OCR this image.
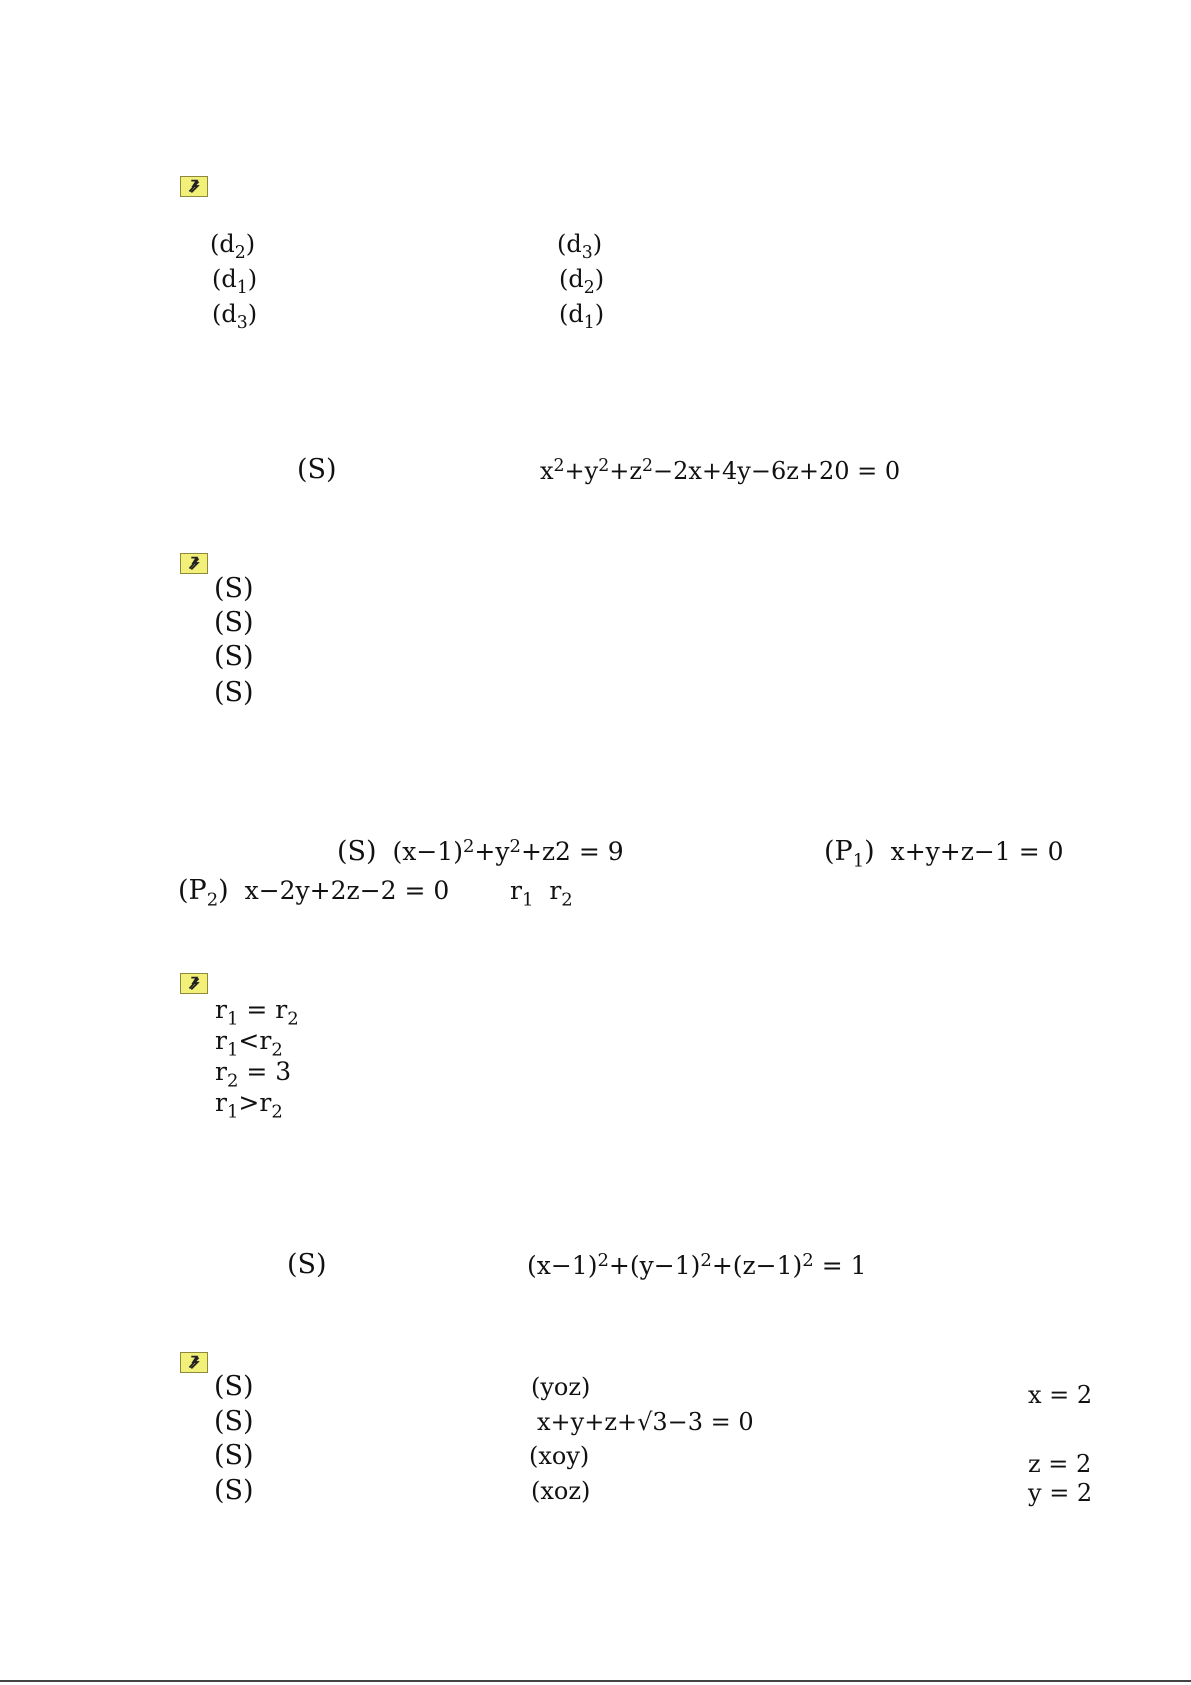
$(d_2)$	$(d_3)$
$(d_1)$	$(d_2)$
$(d_3)$	$(d_1)$
(S)	$x^2+y^2+z^2-2x+4y-6z+20 = 0$
(S)
(S)
(S)
(S)
(S) $(x-1)^2+y^2+z2 = 9$	$(P_1) x+y+z-1 = 0$
$(P_2) x-2y+2z-2 = 0$ $r_1$ $r_2$
$r_1 = r_2$
$r_1<r_2$
$r_2 = 3$
$r_1>r_2$
(S)	$(x-1)^2+(y-1)^2+(z-1)^2 = 1$
(S)	(yoz)	x = 2
(S)	x+y+z+√3−3 = 0
(S)	(xoy)	z = 2
(S)	(xoz)	y = 2
